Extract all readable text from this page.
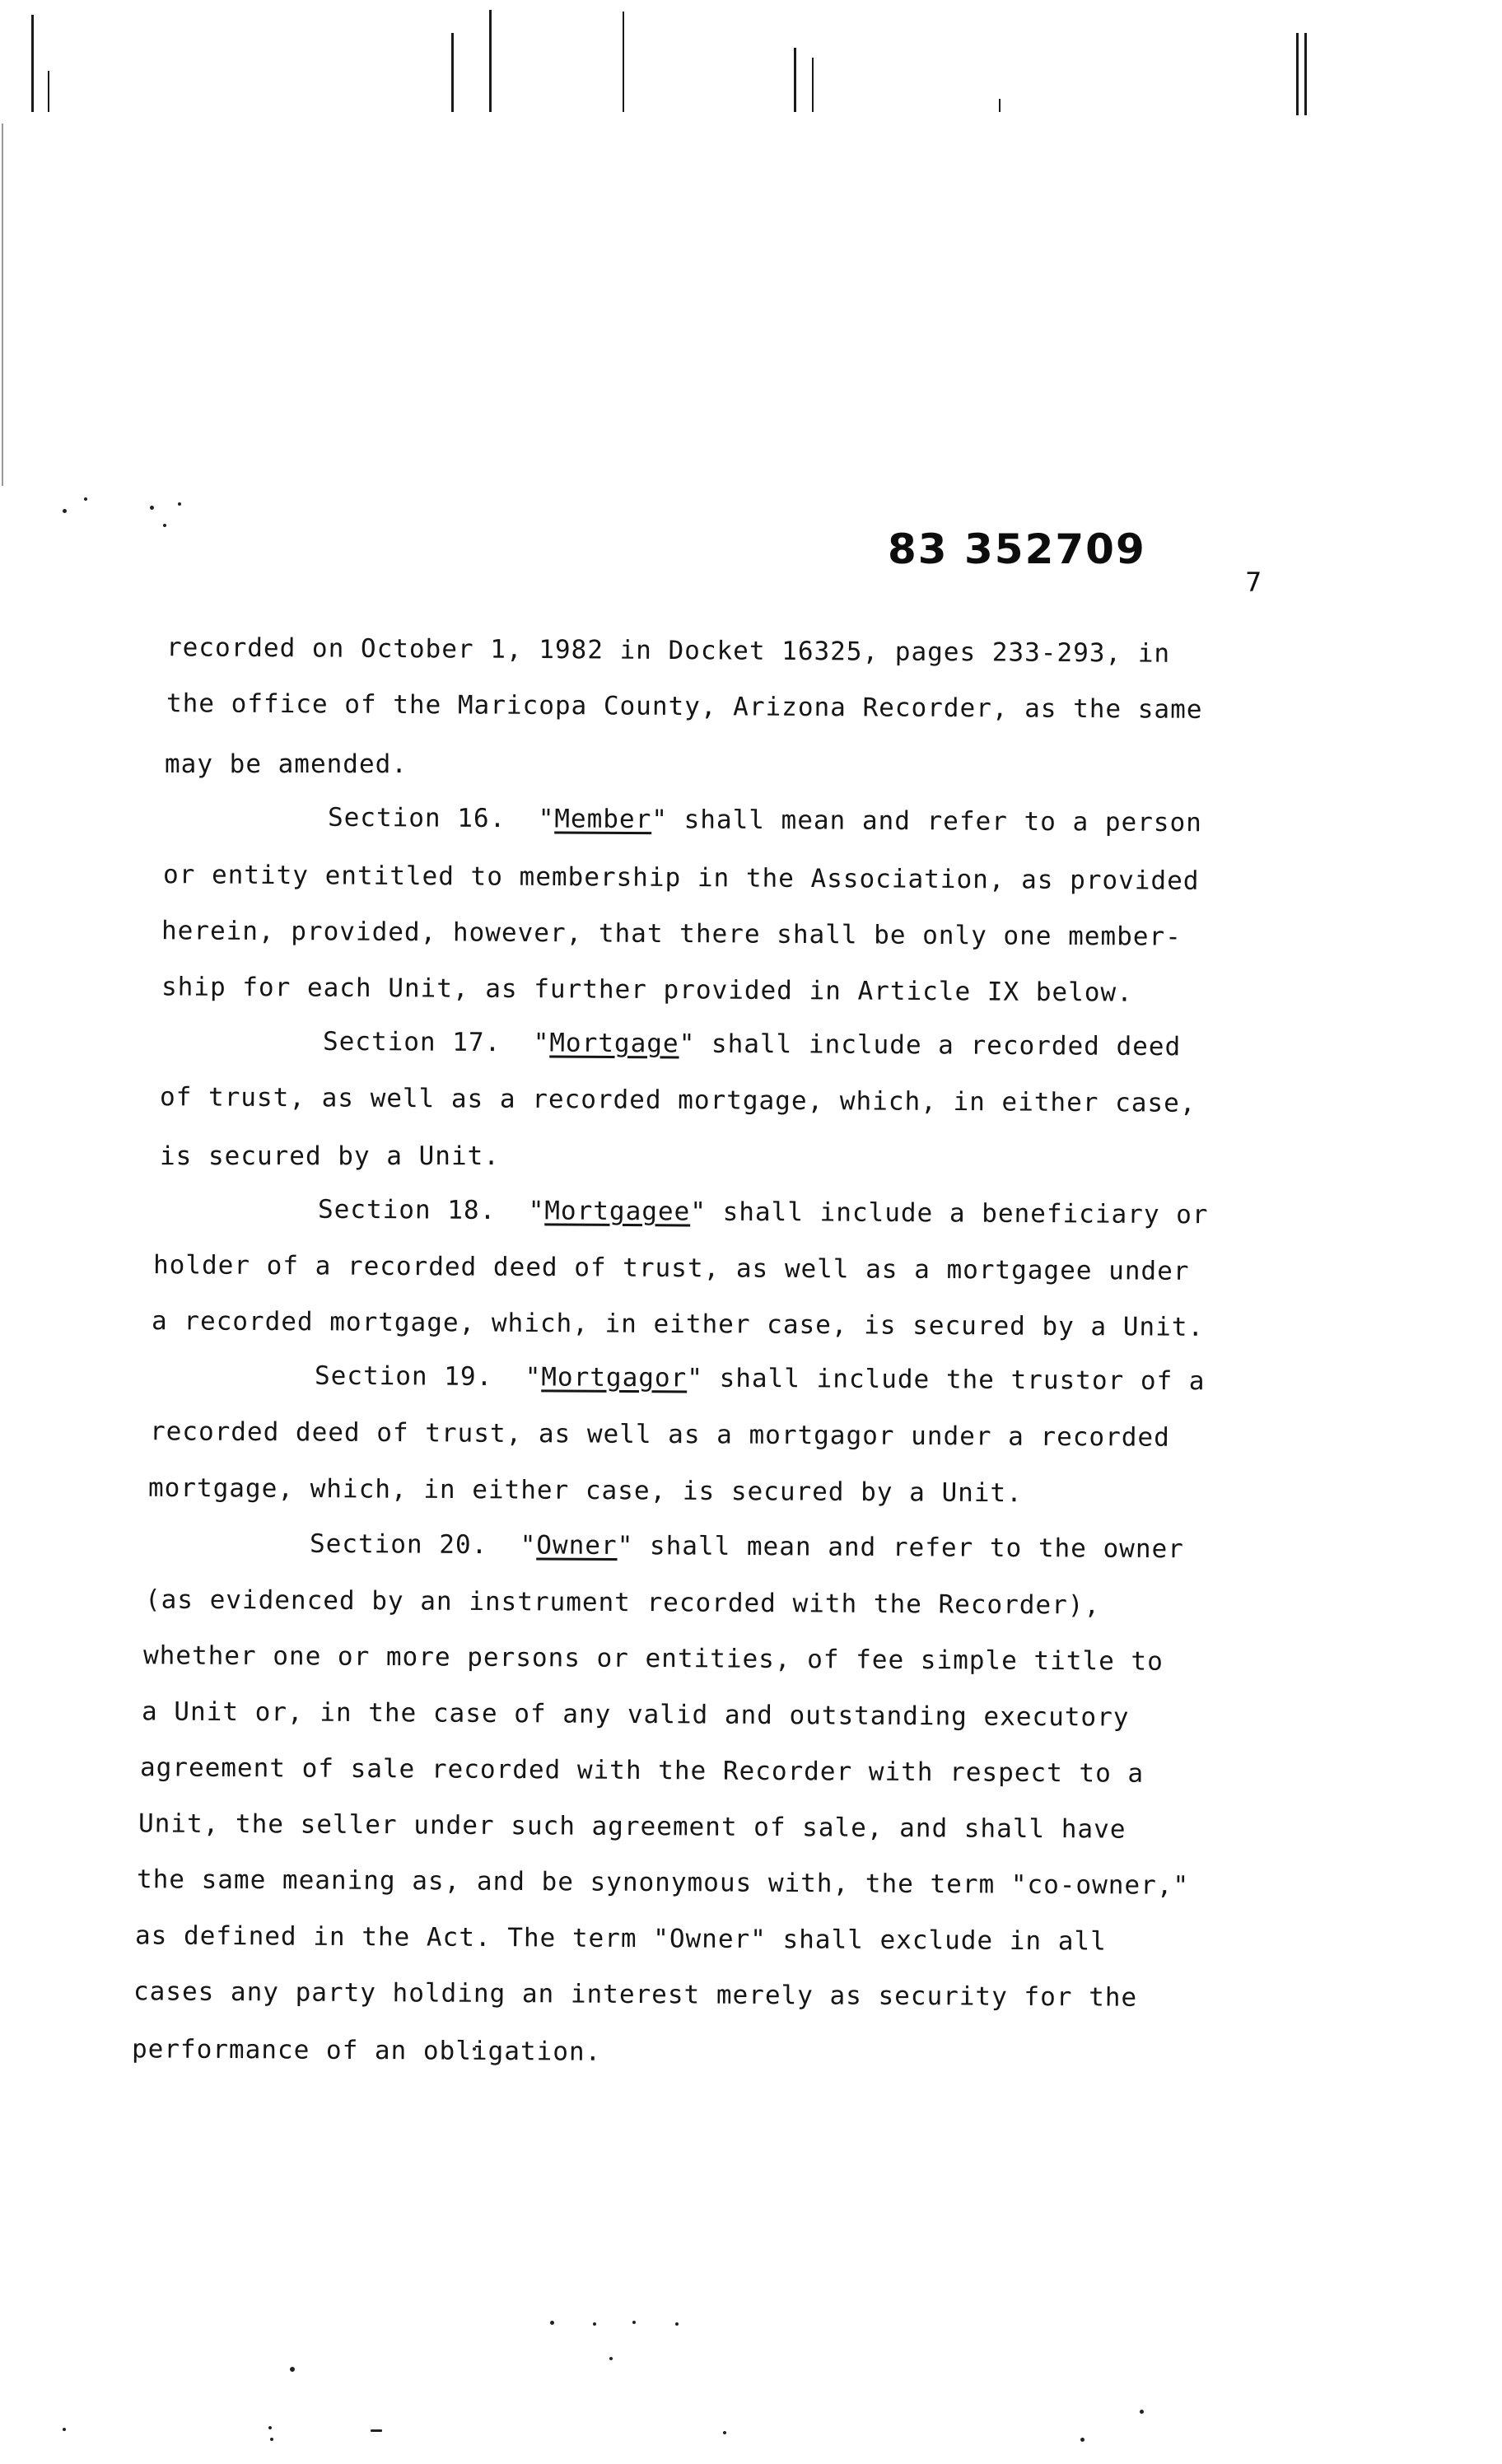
83 352709
7
recorded on October 1, 1982 in Docket 16325, pages 233-293, in
the office of the Maricopa County, Arizona Recorder, as the same
may be amended.
Section 16.  "Member" shall mean and refer to a person
or entity entitled to membership in the Association, as provided
herein, provided, however, that there shall be only one member-
ship for each Unit, as further provided in Article IX below.
Section 17.  "Mortgage" shall include a recorded deed
of trust, as well as a recorded mortgage, which, in either case,
is secured by a Unit.
Section 18.  "Mortgagee" shall include a beneficiary or
holder of a recorded deed of trust, as well as a mortgagee under
a recorded mortgage, which, in either case, is secured by a Unit.
Section 19.  "Mortgagor" shall include the trustor of a
recorded deed of trust, as well as a mortgagor under a recorded
mortgage, which, in either case, is secured by a Unit.
Section 20.  "Owner" shall mean and refer to the owner
(as evidenced by an instrument recorded with the Recorder),
whether one or more persons or entities, of fee simple title to
a Unit or, in the case of any valid and outstanding executory
agreement of sale recorded with the Recorder with respect to a
Unit, the seller under such agreement of sale, and shall have
the same meaning as, and be synonymous with, the term "co-owner,"
as defined in the Act. The term "Owner" shall exclude in all
cases any party holding an interest merely as security for the
performance of an obligation.
